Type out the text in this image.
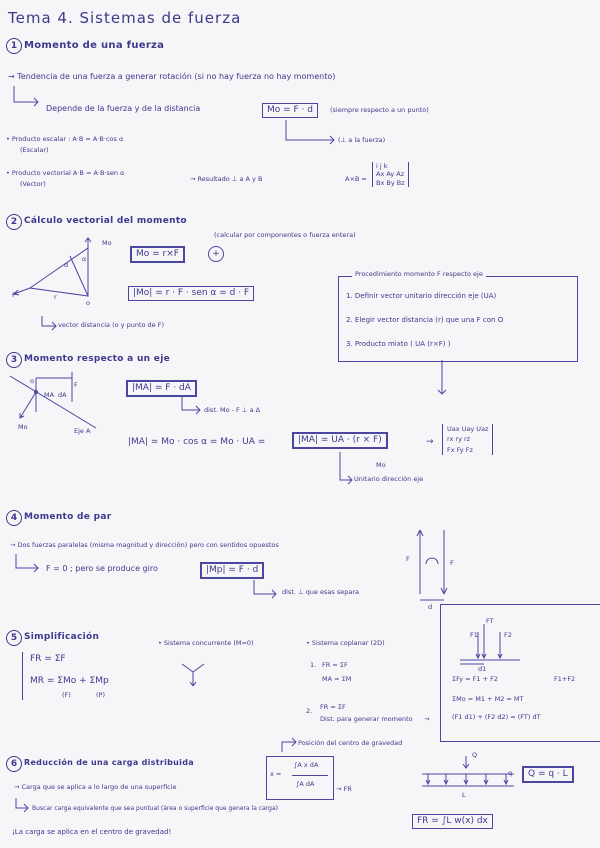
Tema 4. Sistemas de fuerza
1 Momento de una fuerza
→ Tendencia de una fuerza a generar rotación (si no hay fuerza no hay momento)
Depende de la fuerza y de la distancia	Mo = F · d	(siempre respecto a un punto)
(⊥ a la fuerza)
• Producto escalar : A·B = A·B·cos α
(Escalar)
• Producto vectorial A·B = A·B·sen α
(Vector)
→ Resultado ⊥ a A y B	A×B =
i j k
Ax Ay Az
Bx By Bz
2 Cálculo vectorial del momento
(calcular por componentes o fuerza entera)
Mo
F	r
d
α
o
Mo = r×F	+
|Mo| = r · F · sen α = d · F
vector distancia (o y punto de F)
Procedimiento momento F respecto eje
1. Definir vector unitario dirección eje (UA)
2. Elegir vector distancia (r) que una F con O
3. Producto mixto ( UA (r×F) )
3 Momento respecto a un eje
F
MA dA
Mo	Eje A
o
|MA| = F · dA
dist. Mo - F ⊥ a Δ
|MA| = Mo · cos α = Mo · UA =	|MA| = UA · (r × F)
Mo
Unitario dirección eje
→
Uax Uay Uaz
rx ry rz
Fx Fy Fz
4 Momento de par
→ Dos fuerzas paralelas (misma magnitud y dirección) pero con sentidos opuestos
F = 0 ; pero se produce giro	|Mp| = F · d
dist. ⊥ que esas separa
F	F
d
5 Simplificación
FR = ΣF
MR = ΣMo + ΣMp
(F)	(P)
• Sistema concurrente (M=0)	• Sistema coplanar (2D)
1. FR = ΣF
MA = ΣM
2. FR = ΣF
Dist. para generar momento →
FT
F1	F2
d1
ΣFy = F1 + F2	F1+F2
ΣMo = M1 + M2 = MT
(F1 d1) + (F2 d2) = (FT) dT
6 Reducción de una carga distribuida
Posición del centro de gravedad
x =
∫A x dA
∫A dA
→ FR
→ Carga que se aplica a lo largo de una superficie
Buscar carga equivalente que sea puntual (área o superficie que genera la carga)
¡La carga se aplica en el centro de gravedad!
Q
q
L
Q = q · L
FR = ∫L w(x) dx
